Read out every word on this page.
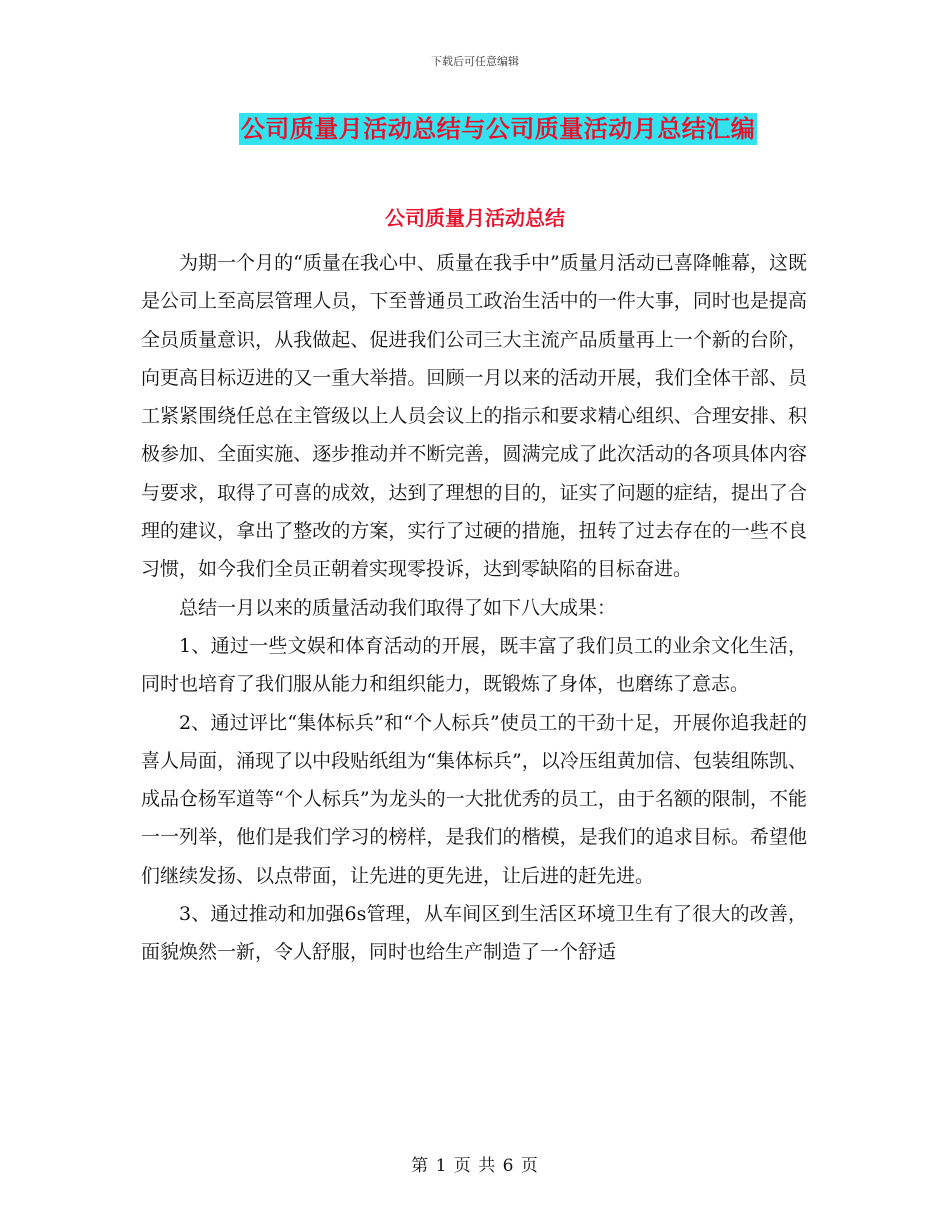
下载后可任意编辑
公司质量月活动总结与公司质量活动月总结汇编
公司质量月活动总结

为期一个月的“质量在我心中、质量在我手中”质量月活动已喜降帷幕，这既是公司上至高层管理人员，下至普通员工政治生活中的一件大事，同时也是提高全员质量意识，从我做起、促进我们公司三大主流产品质量再上一个新的台阶，向更高目标迈进的又一重大举措。回顾一月以来的活动开展，我们全体干部、员工紧紧围绕任总在主管级以上人员会议上的指示和要求精心组织、合理安排、积极参加、全面实施、逐步推动并不断完善，圆满完成了此次活动的各项具体内容与要求，取得了可喜的成效，达到了理想的目的，证实了问题的症结，提出了合理的建议，拿出了整改的方案，实行了过硬的措施，扭转了过去存在的一些不良习惯，如今我们全员正朝着实现零投诉，达到零缺陷的目标奋进。

总结一月以来的质量活动我们取得了如下八大成果：

1、通过一些文娱和体育活动的开展，既丰富了我们员工的业余文化生活，同时也培育了我们服从能力和组织能力，既锻炼了身体，也磨练了意志。

2、通过评比“集体标兵”和“个人标兵”使员工的干劲十足，开展你追我赶的喜人局面，涌现了以中段贴纸组为“集体标兵”，以冷压组黄加信、包装组陈凯、成品仓杨军道等“个人标兵”为龙头的一大批优秀的员工，由于名额的限制，不能一一列举，他们是我们学习的榜样，是我们的楷模，是我们的追求目标。希望他们继续发扬、以点带面，让先进的更先进，让后进的赶先进。

3、通过推动和加强6s管理，从车间区到生活区环境卫生有了很大的改善，面貌焕然一新，令人舒服，同时也给生产制造了一个舒适

第 1 页 共 6 页
